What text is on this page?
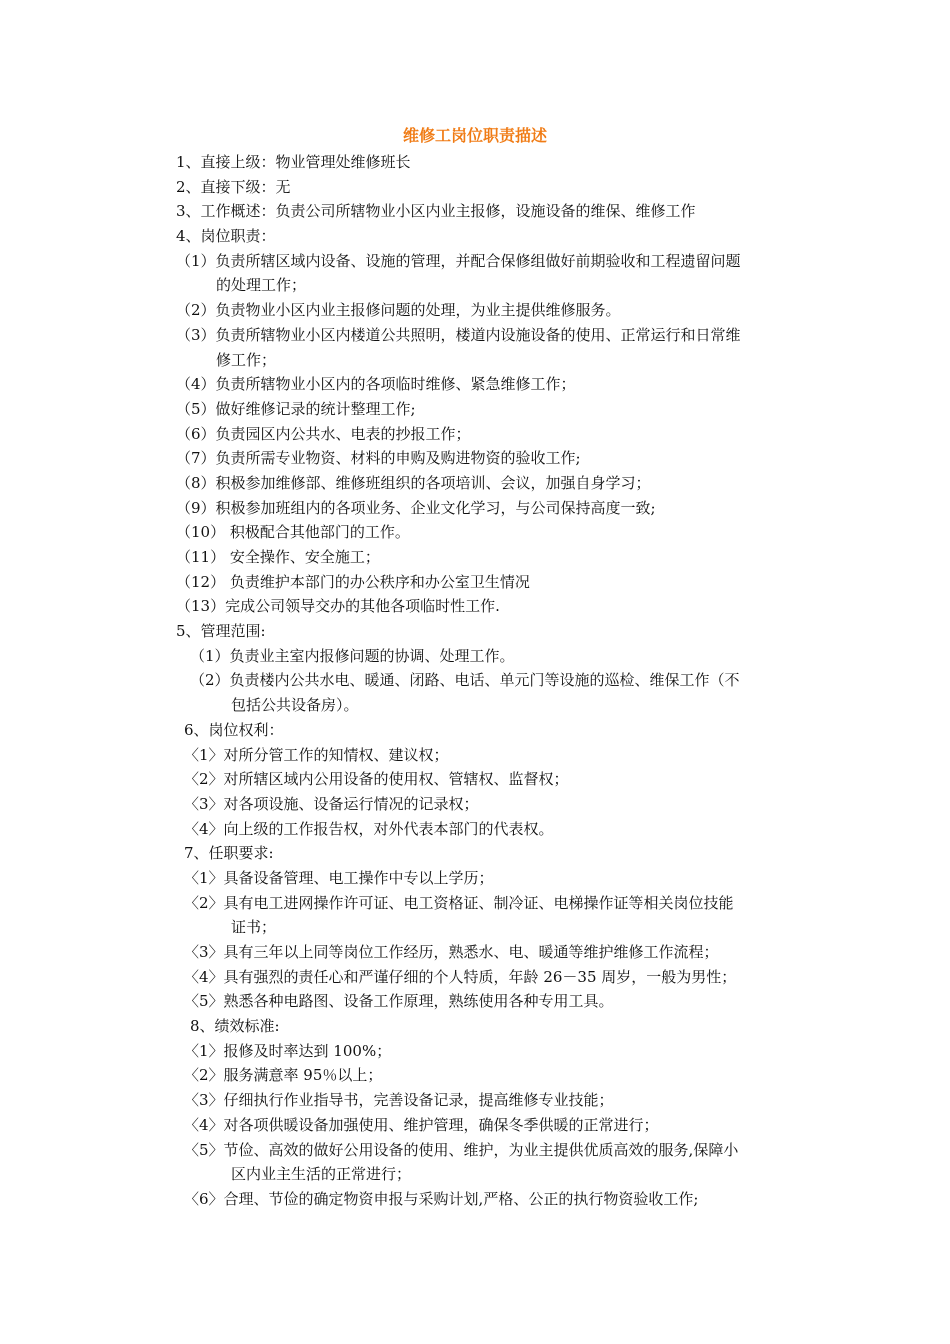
维修工岗位职责描述
1、直接上级：物业管理处维修班长
2、直接下级：无
3、工作概述：负责公司所辖物业小区内业主报修，设施设备的维保、维修工作
4、岗位职责：
（1）负责所辖区域内设备、设施的管理，并配合保修组做好前期验收和工程遗留问题
的处理工作；
（2）负责物业小区内业主报修问题的处理，为业主提供维修服务。
（3）负责所辖物业小区内楼道公共照明，楼道内设施设备的使用、正常运行和日常维
修工作；
（4）负责所辖物业小区内的各项临时维修、紧急维修工作；
（5）做好维修记录的统计整理工作;
（6）负责园区内公共水、电表的抄报工作；
（7）负责所需专业物资、材料的申购及购进物资的验收工作;
（8）积极参加维修部、维修班组织的各项培训、会议，加强自身学习；
（9）积极参加班组内的各项业务、企业文化学习，与公司保持高度一致;
（10） 积极配合其他部门的工作。
（11） 安全操作、安全施工；
（12） 负责维护本部门的办公秩序和办公室卫生情况
（13）完成公司领导交办的其他各项临时性工作.
5、管理范围:
（1）负责业主室内报修问题的协调、处理工作。
（2）负责楼内公共水电、暖通、闭路、电话、单元门等设施的巡检、维保工作（不
包括公共设备房）。
6、岗位权利：
〈1〉对所分管工作的知情权、建议权；
〈2〉对所辖区域内公用设备的使用权、管辖权、监督权；
〈3〉对各项设施、设备运行情况的记录权；
〈4〉向上级的工作报告权，对外代表本部门的代表权。
7、任职要求:
〈1〉具备设备管理、电工操作中专以上学历；
〈2〉具有电工进网操作许可证、电工资格证、制冷证、电梯操作证等相关岗位技能
证书；
〈3〉具有三年以上同等岗位工作经历，熟悉水、电、暖通等维护维修工作流程；
〈4〉具有强烈的责任心和严谨仔细的个人特质，年龄 26－35 周岁，一般为男性；
〈5〉熟悉各种电路图、设备工作原理，熟练使用各种专用工具。
8、绩效标准:
〈1〉报修及时率达到 100%；
〈2〉服务满意率 95％以上；
〈3〉仔细执行作业指导书，完善设备记录，提高维修专业技能；
〈4〉对各项供暖设备加强使用、维护管理，确保冬季供暖的正常进行；
〈5〉节俭、高效的做好公用设备的使用、维护，为业主提供优质高效的服务,保障小
区内业主生活的正常进行；
〈6〉合理、节俭的确定物资申报与采购计划,严格、公正的执行物资验收工作;
